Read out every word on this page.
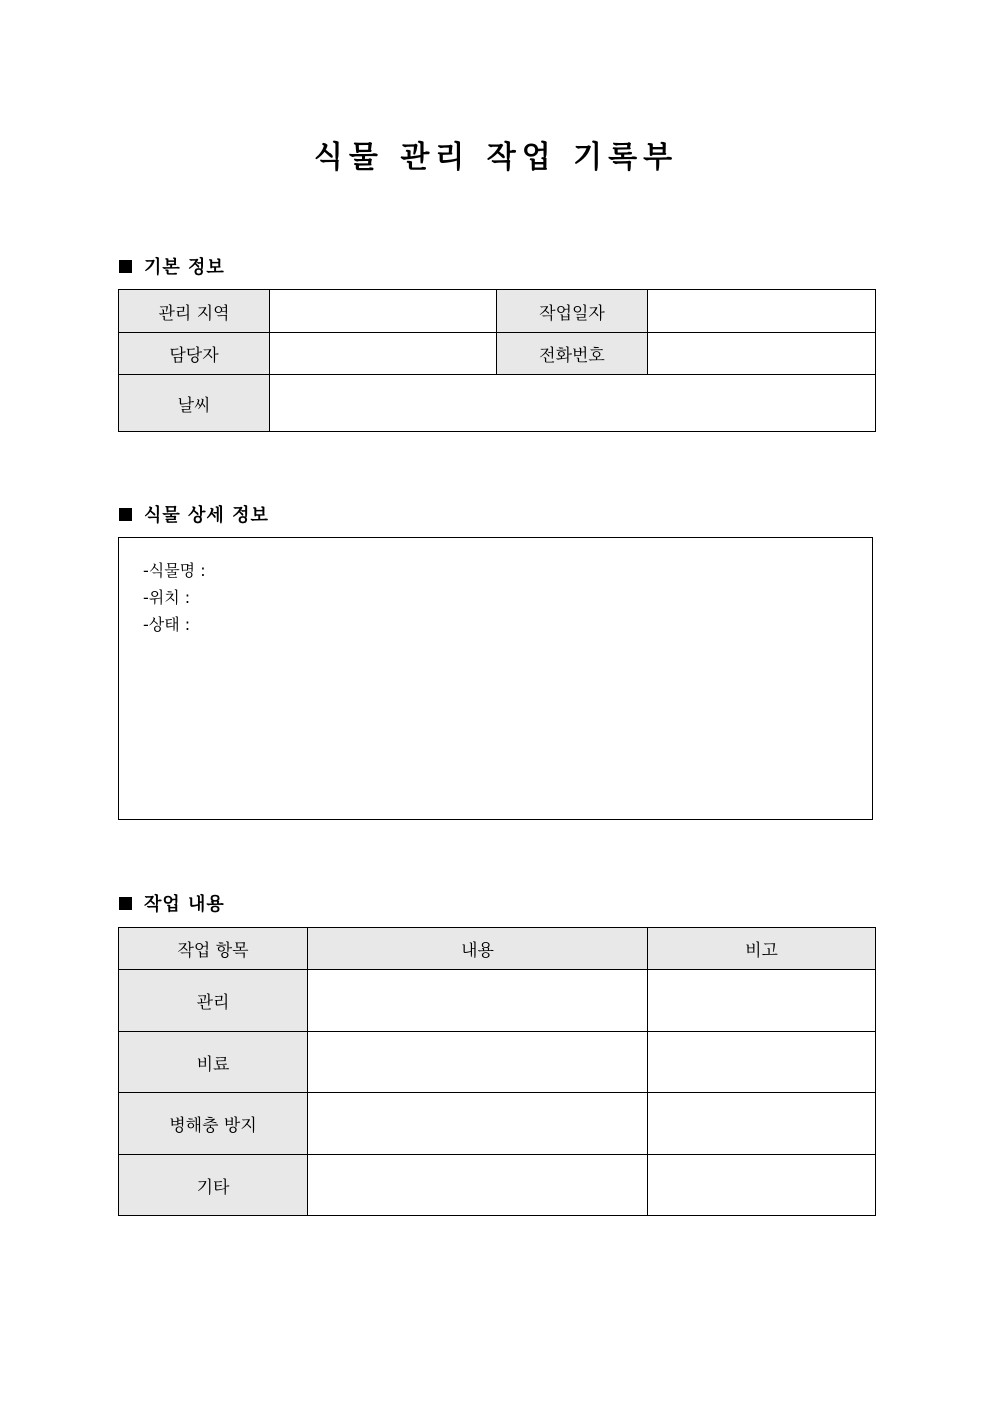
식물 관리 작업 기록부
기본 정보
관리 지역		작업일자	
담당자		전화번호	
날씨			
식물 상세 정보
-식물명 :
-위치 :
-상태 :
작업 내용
작업 항목	내용	비고
관리		
비료		
병해충 방지		
기타		
